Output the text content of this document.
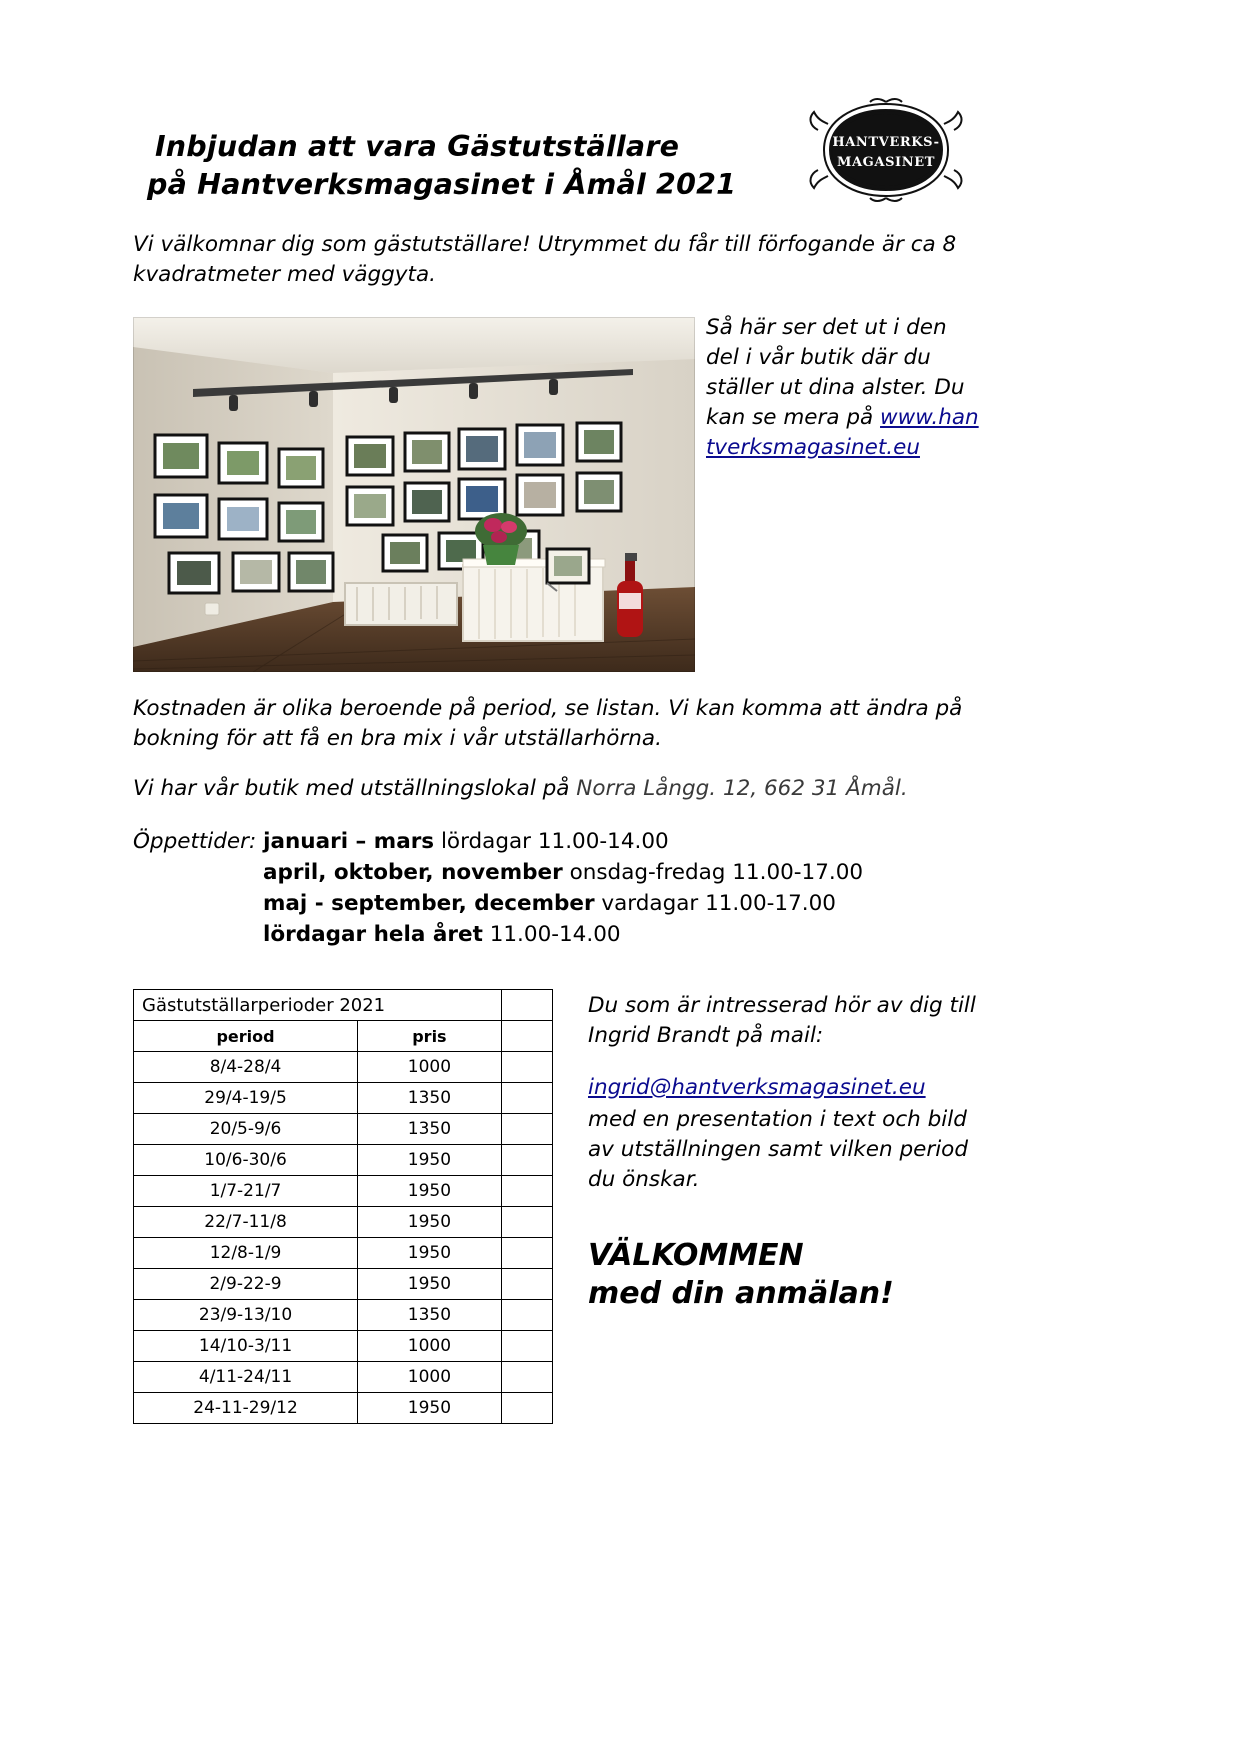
Inbjudan att vara Gästutställare
på Hantverksmagasinet i Åmål 2021
HANTVERKS-
MAGASINET
Vi välkomnar dig som gästutställare! Utrymmet du får till förfogande är ca 8 kvadratmeter med väggyta.
Så här ser det ut i den del i vår butik där du ställer ut dina alster. Du kan se mera på www.hantverksmagasinet.eu
Kostnaden är olika beroende på period, se listan. Vi kan komma att ändra på bokning för att få en bra mix i vår utställarhörna.
Vi har vår butik med utställningslokal på Norra Långg. 12, 662 31 Åmål.
Öppettider: januari – mars lördagar 11.00-14.00
april, oktober, november onsdag-fredag 11.00-17.00
maj - september, december vardagar 11.00-17.00
lördagar hela året 11.00-14.00
Gästutställarperioder 2021		
period	pris	
8/4-28/4	1000	
29/4-19/5	1350	
20/5-9/6	1350	
10/6-30/6	1950	
1/7-21/7	1950	
22/7-11/8	1950	
12/8-1/9	1950	
2/9-22-9	1950	
23/9-13/10	1350	
14/10-3/11	1000	
4/11-24/11	1000	
24-11-29/12	1950	
Du som är intresserad hör av dig till Ingrid Brandt på mail:
ingrid@hantverksmagasinet.eu
med en presentation i text och bild av utställningen samt vilken period du önskar.
VÄLKOMMEN
med din anmälan!
